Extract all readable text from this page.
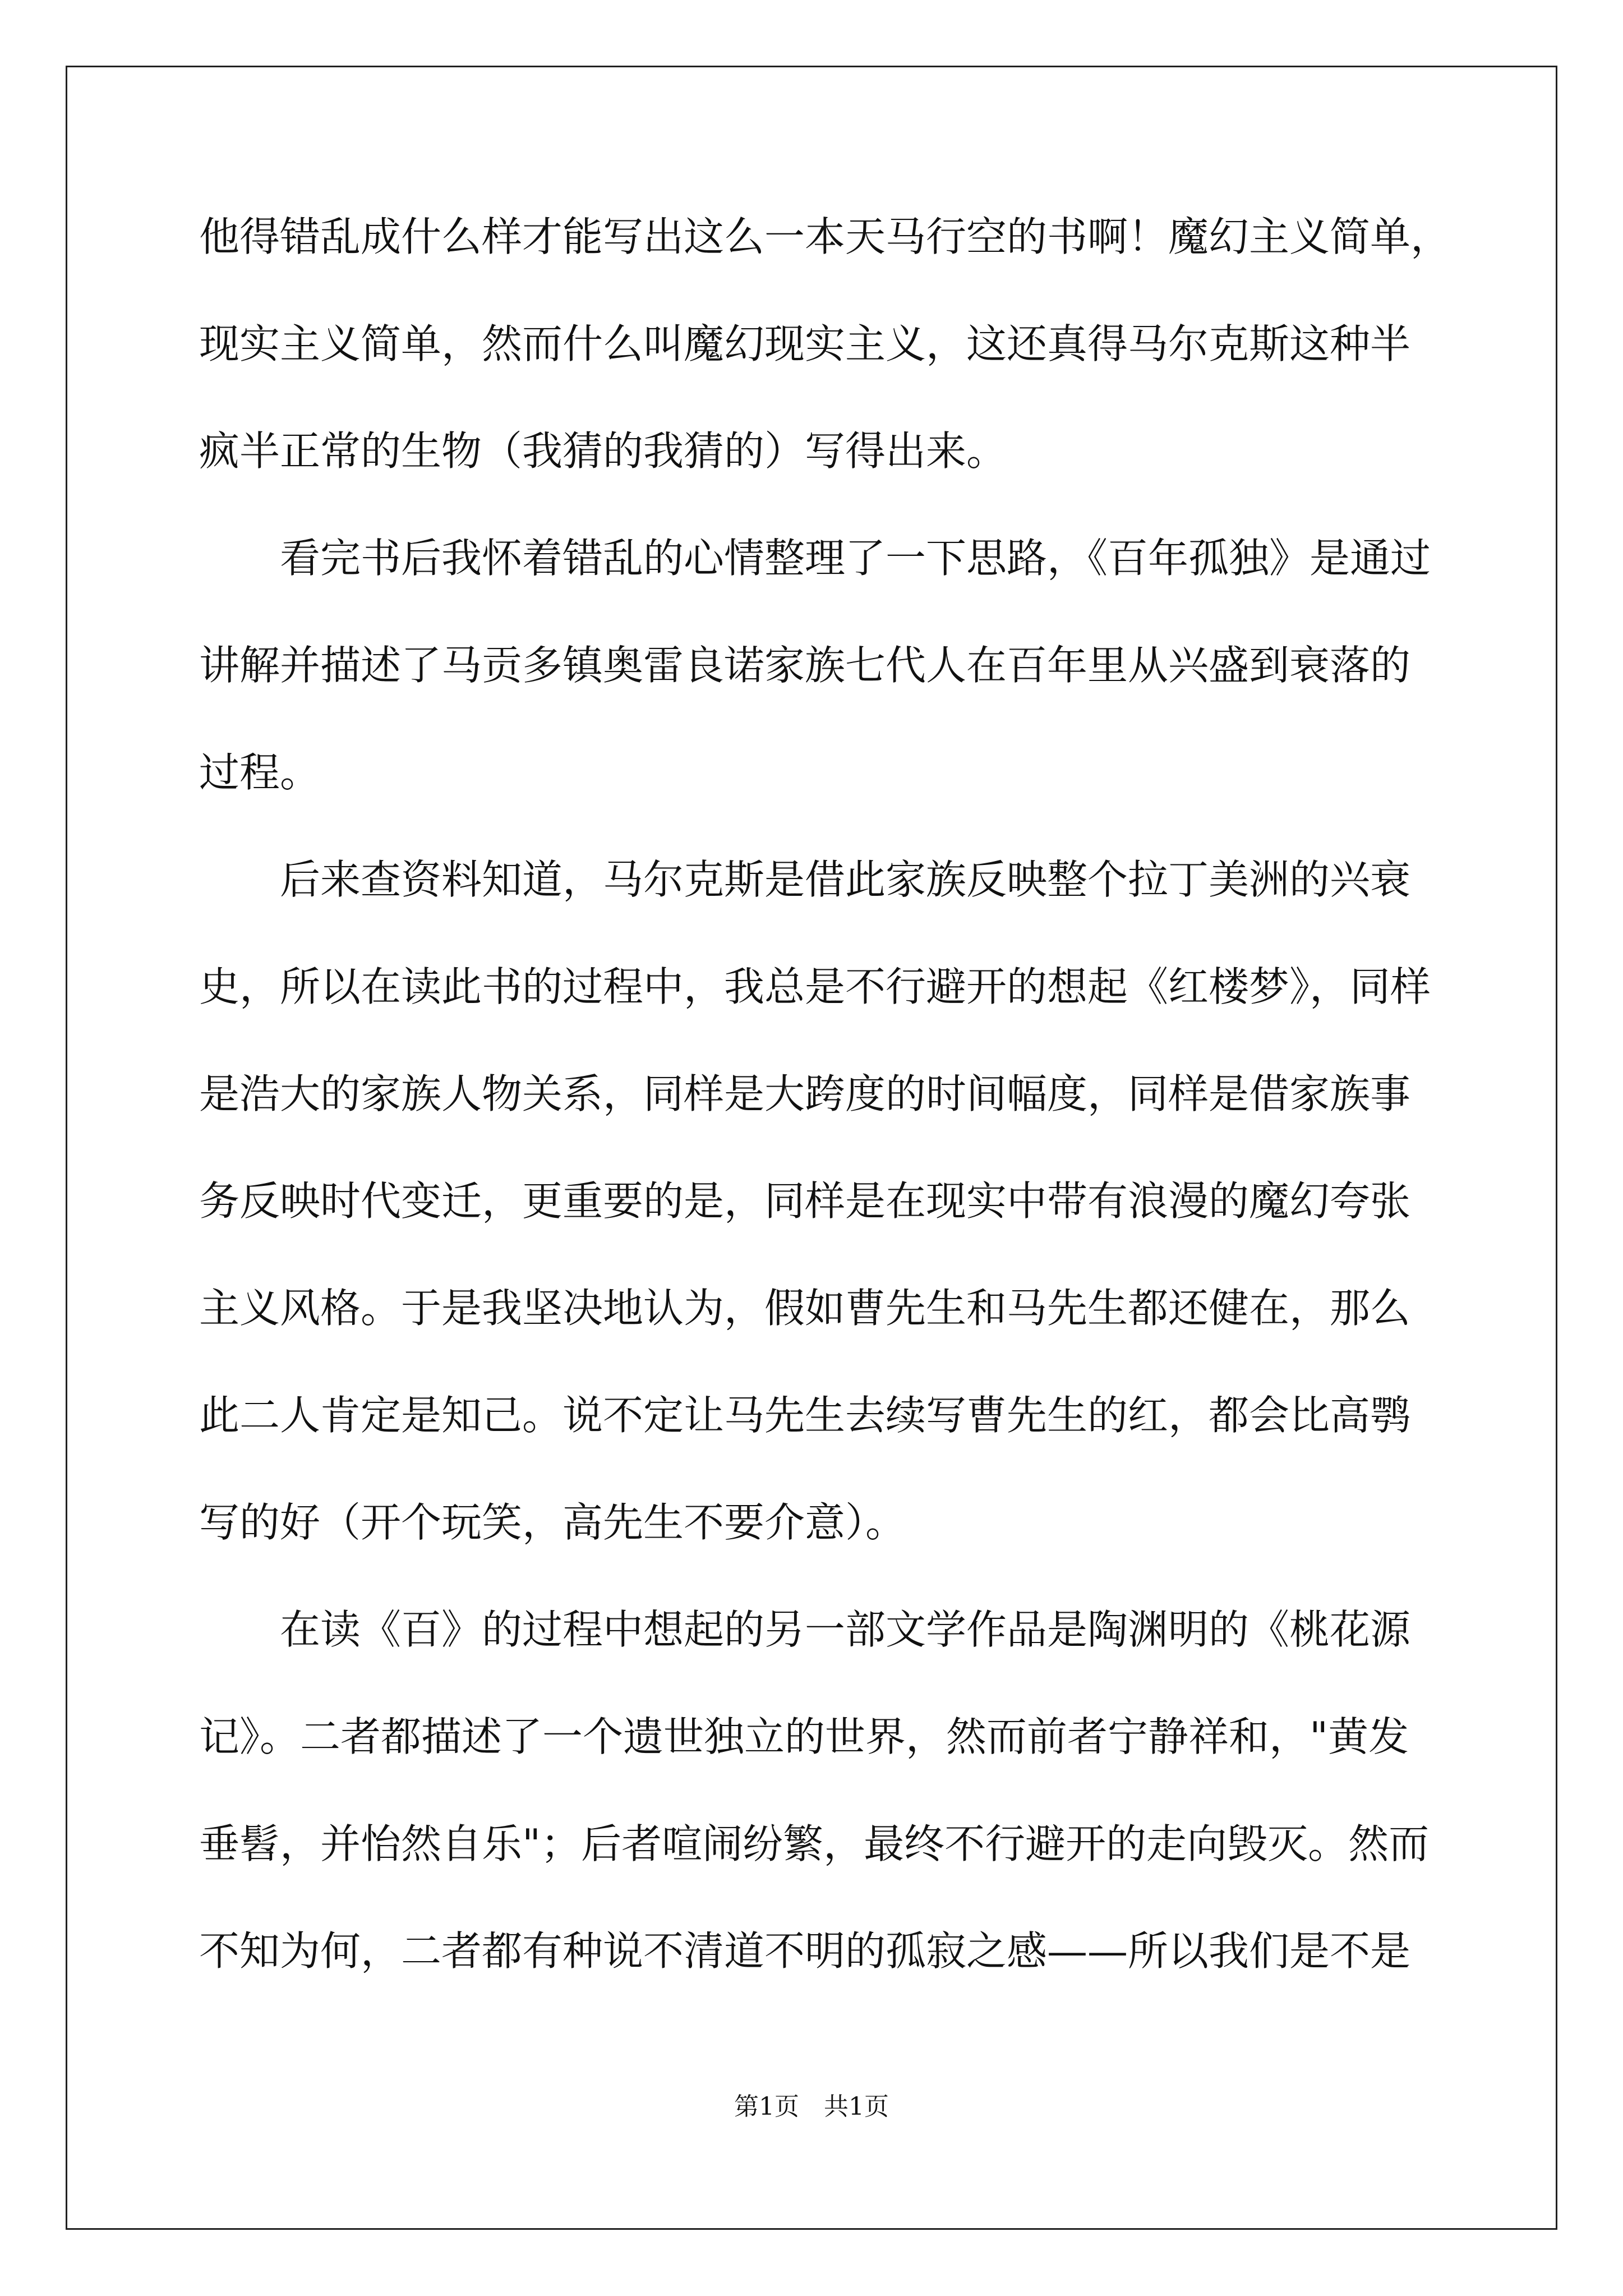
他得错乱成什么样才能写出这么一本天马行空的书啊！魔幻主义简单，
现实主义简单，然而什么叫魔幻现实主义，这还真得马尔克斯这种半
疯半正常的生物（我猜的我猜的）写得出来。
　　看完书后我怀着错乱的心情整理了一下思路，《百年孤独》是通过
讲解并描述了马贡多镇奥雷良诺家族七代人在百年里从兴盛到衰落的
过程。
　　后来查资料知道，马尔克斯是借此家族反映整个拉丁美洲的兴衰
史，所以在读此书的过程中，我总是不行避开的想起《红楼梦》，同样
是浩大的家族人物关系，同样是大跨度的时间幅度，同样是借家族事
务反映时代变迁，更重要的是，同样是在现实中带有浪漫的魔幻夸张
主义风格。于是我坚决地认为，假如曹先生和马先生都还健在，那么
此二人肯定是知己。说不定让马先生去续写曹先生的红，都会比高鹗
写的好（开个玩笑，高先生不要介意）。
　　在读《百》的过程中想起的另一部文学作品是陶渊明的《桃花源
记》。二者都描述了一个遗世独立的世界，然而前者宁静祥和，"黄发
垂髫，并怡然自乐"；后者喧闹纷繁，最终不行避开的走向毁灭。然而
不知为何，二者都有种说不清道不明的孤寂之感——所以我们是不是
第1页　共1页
